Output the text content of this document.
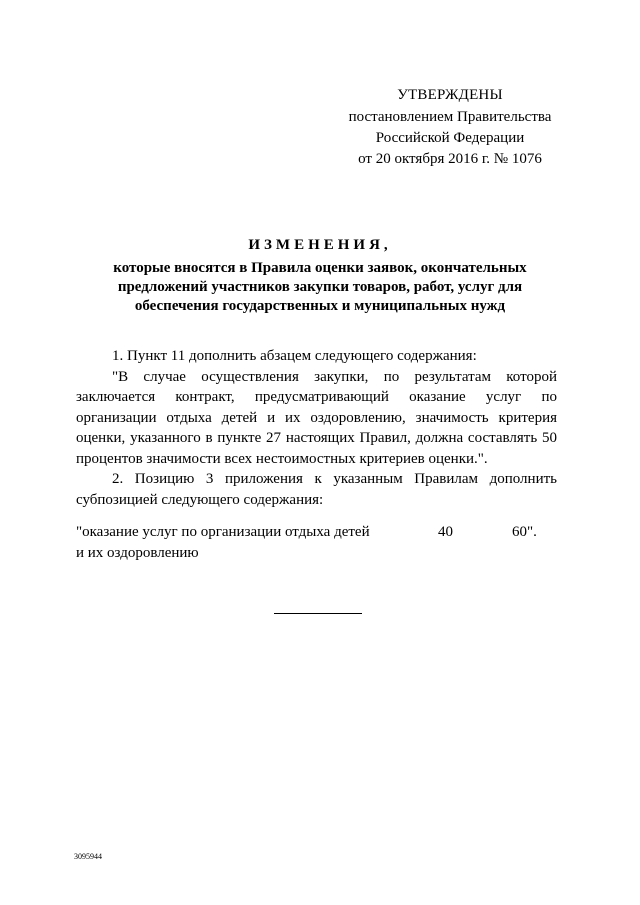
УТВЕРЖДЕНЫ
постановлением Правительства
Российской Федерации
от 20 октября 2016 г. № 1076
ИЗМЕНЕНИЯ,
которые вносятся в Правила оценки заявок, окончательных
предложений участников закупки товаров, работ, услуг для
обеспечения государственных и муниципальных нужд

1. Пункт 11 дополнить абзацем следующего содержания:

"В случае осуществления закупки, по результатам которой заключается контракт, предусматривающий оказание услуг по организации отдыха детей и их оздоровлению, значимость критерия оценки, указанного в пункте 27 настоящих Правил, должна составлять 50 процентов значимости всех нестоимостных критериев оценки.".

2. Позицию 3 приложения к указанным Правилам дополнить субпозицией следующего содержания:

"оказание услуг по организации отдыха детей и их оздоровлению
40	60".
3095944
